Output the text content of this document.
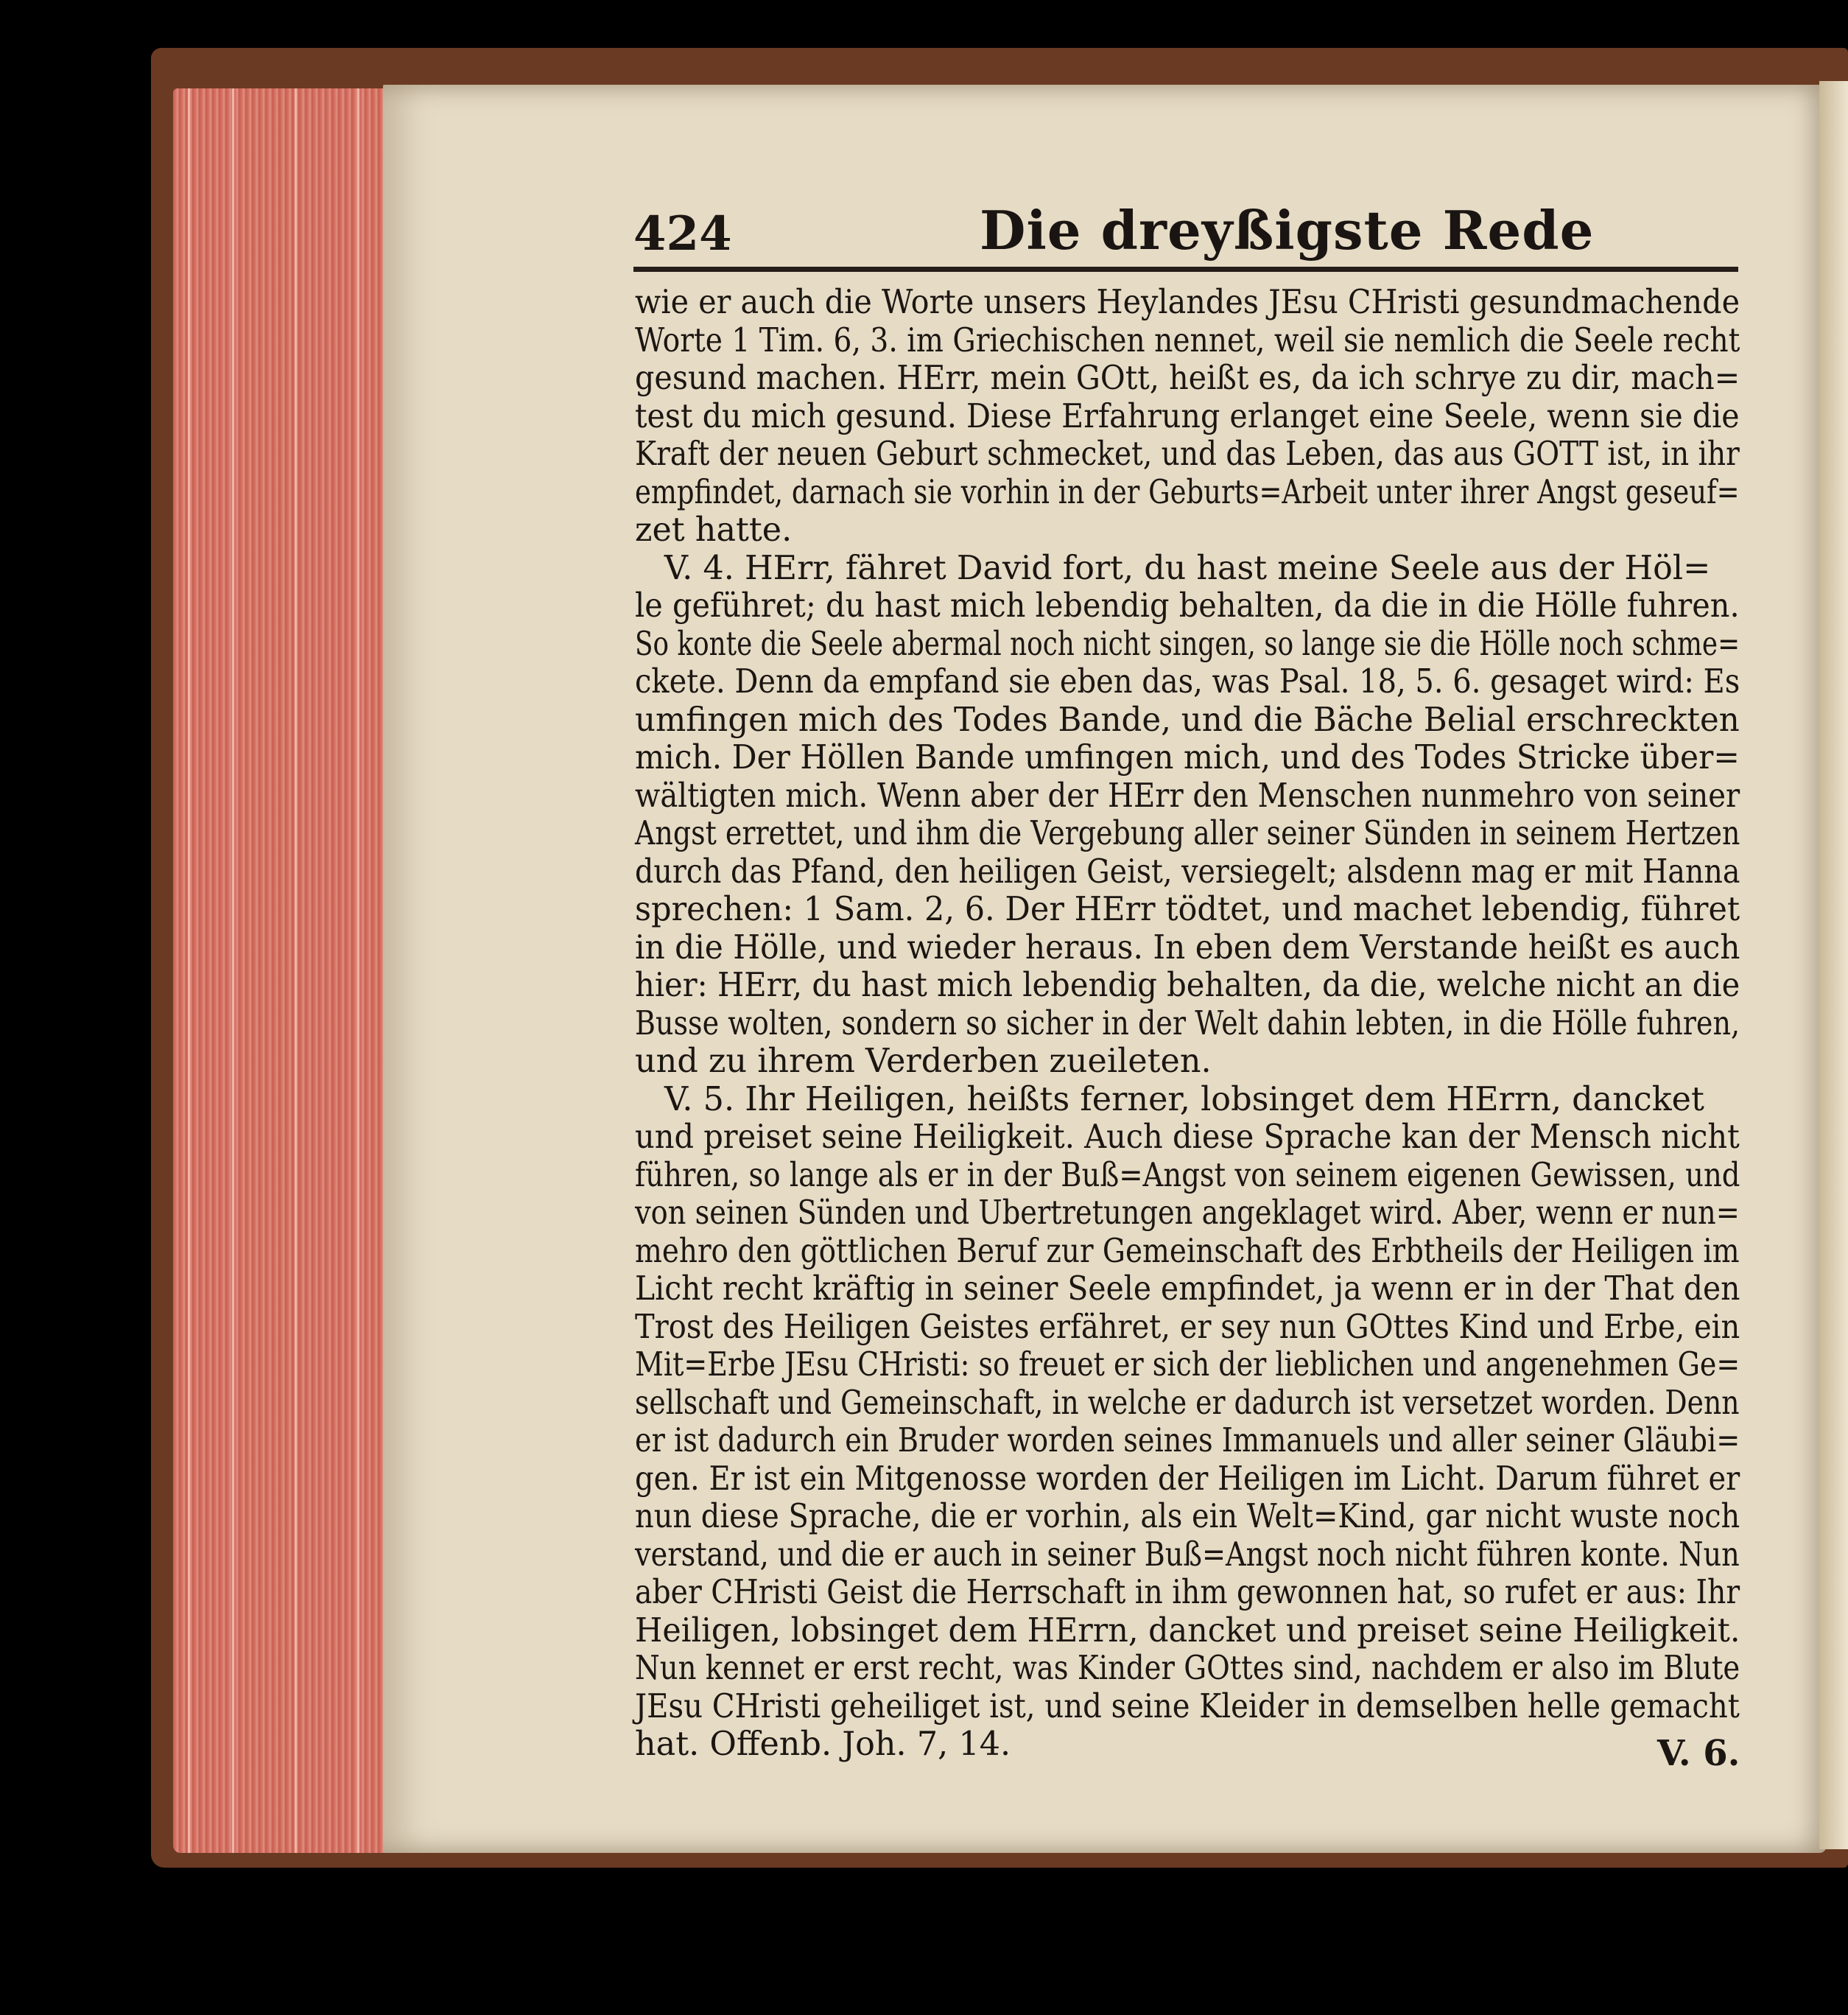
424	Die dreyßigste Rede
wie er auch die Worte unsers Heylandes JEsu CHristi gesundmachende
Worte 1 Tim. 6, 3. im Griechischen nennet, weil sie nemlich die Seele recht
gesund machen. HErr, mein GOtt, heißt es, da ich schrye zu dir, mach=
test du mich gesund. Diese Erfahrung erlanget eine Seele, wenn sie die
Kraft der neuen Geburt schmecket, und das Leben, das aus GOTT ist, in ihr
empfindet, darnach sie vorhin in der Geburts=Arbeit unter ihrer Angst geseuf=
zet hatte.
V. 4. HErr, fähret David fort, du hast meine Seele aus der Höl=
le geführet; du hast mich lebendig behalten, da die in die Hölle fuhren.
So konte die Seele abermal noch nicht singen, so lange sie die Hölle noch schme=
ckete. Denn da empfand sie eben das, was Psal. 18, 5. 6. gesaget wird: Es
umfingen mich des Todes Bande, und die Bäche Belial erschreckten
mich. Der Höllen Bande umfingen mich, und des Todes Stricke über=
wältigten mich. Wenn aber der HErr den Menschen nunmehro von seiner
Angst errettet, und ihm die Vergebung aller seiner Sünden in seinem Hertzen
durch das Pfand, den heiligen Geist, versiegelt; alsdenn mag er mit Hanna
sprechen: 1 Sam. 2, 6. Der HErr tödtet, und machet lebendig, führet
in die Hölle, und wieder heraus. In eben dem Verstande heißt es auch
hier: HErr, du hast mich lebendig behalten, da die, welche nicht an die
Busse wolten, sondern so sicher in der Welt dahin lebten, in die Hölle fuhren,
und zu ihrem Verderben zueileten.
V. 5. Ihr Heiligen, heißts ferner, lobsinget dem HErrn, dancket
und preiset seine Heiligkeit. Auch diese Sprache kan der Mensch nicht
führen, so lange als er in der Buß=Angst von seinem eigenen Gewissen, und
von seinen Sünden und Ubertretungen angeklaget wird. Aber, wenn er nun=
mehro den göttlichen Beruf zur Gemeinschaft des Erbtheils der Heiligen im
Licht recht kräftig in seiner Seele empfindet, ja wenn er in der That den
Trost des Heiligen Geistes erfähret, er sey nun GOttes Kind und Erbe, ein
Mit=Erbe JEsu CHristi: so freuet er sich der lieblichen und angenehmen Ge=
sellschaft und Gemeinschaft, in welche er dadurch ist versetzet worden. Denn
er ist dadurch ein Bruder worden seines Immanuels und aller seiner Gläubi=
gen. Er ist ein Mitgenosse worden der Heiligen im Licht. Darum führet er
nun diese Sprache, die er vorhin, als ein Welt=Kind, gar nicht wuste noch
verstand, und die er auch in seiner Buß=Angst noch nicht führen konte. Nun
aber CHristi Geist die Herrschaft in ihm gewonnen hat, so rufet er aus: Ihr
Heiligen, lobsinget dem HErrn, dancket und preiset seine Heiligkeit.
Nun kennet er erst recht, was Kinder GOttes sind, nachdem er also im Blute
JEsu CHristi geheiliget ist, und seine Kleider in demselben helle gemacht
hat. Offenb. Joh. 7, 14.	V. 6.
